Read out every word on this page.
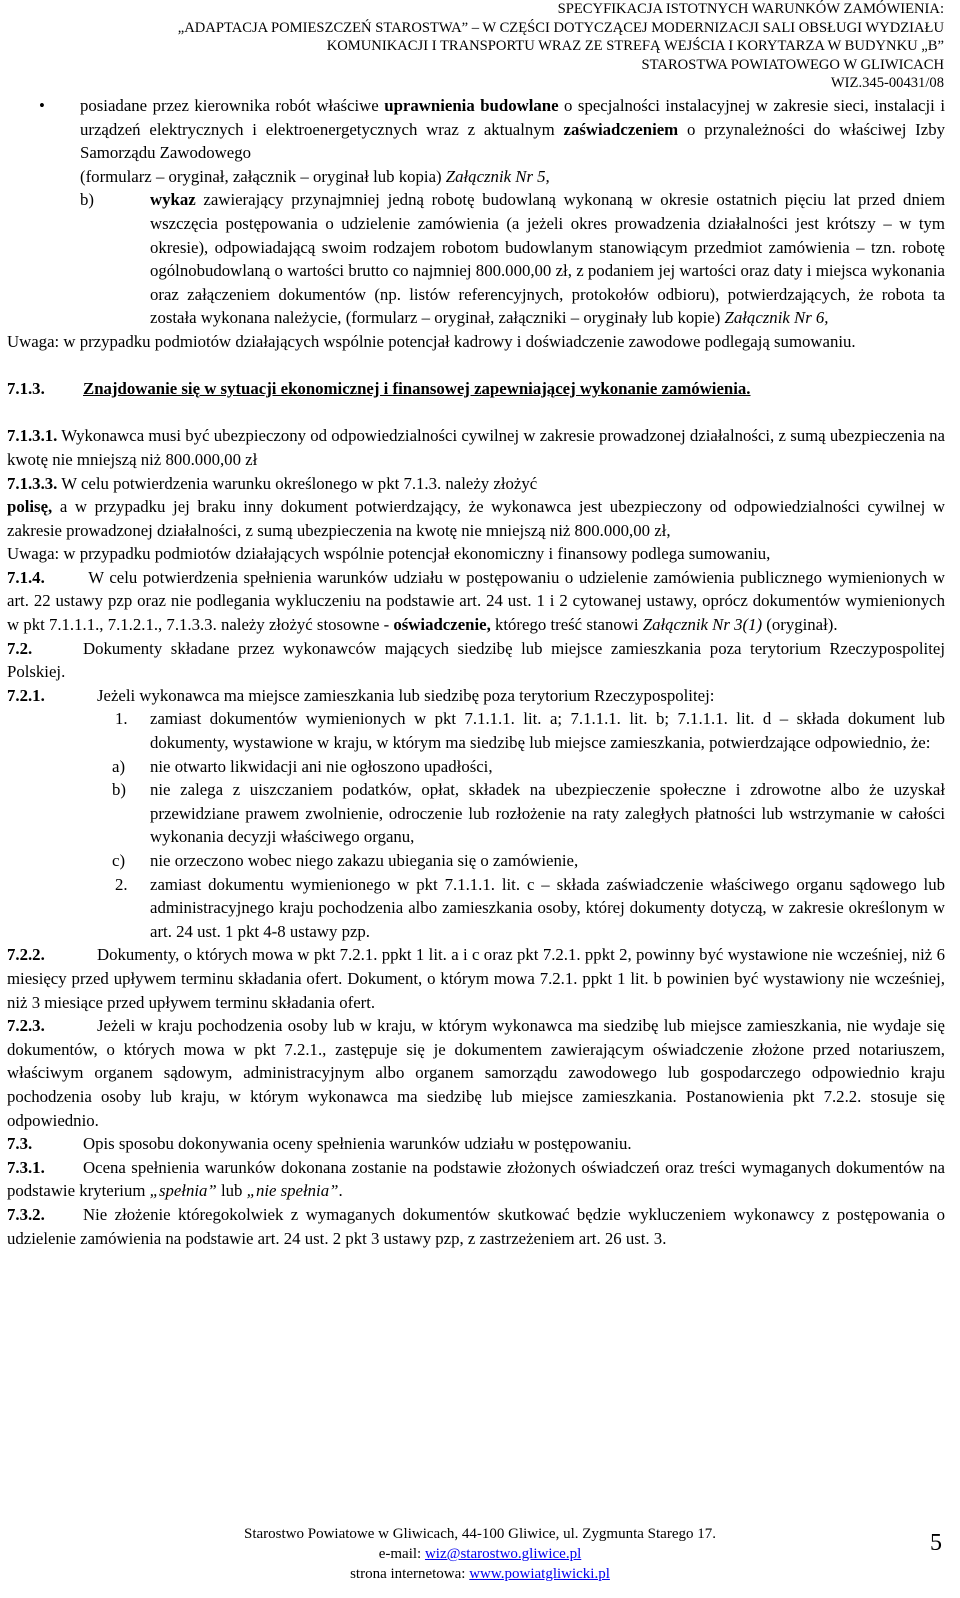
SPECYFIKACJA ISTOTNYCH WARUNKÓW ZAMÓWIENIA:
„ADAPTACJA POMIESZCZEŃ STAROSTWA” – W CZĘŚCI DOTYCZĄCEJ MODERNIZACJI SALI OBSŁUGI WYDZIAŁU
KOMUNIKACJI I TRANSPORTU WRAZ ZE STREFĄ WEJŚCIA I KORYTARZA W BUDYNKU „B”
STAROSTWA POWIATOWEGO W GLIWICACH
WIZ.345-00431/08

• posiadane przez kierownika robót właściwe uprawnienia budowlane o specjalności instalacyjnej w zakresie sieci, instalacji i urządzeń elektrycznych i elektroenergetycznych wraz z aktualnym zaświadczeniem o przynależności do właściwej Izby Samorządu Zawodowego

(formularz – oryginał, załącznik – oryginał lub kopia) Załącznik Nr 5,

b)	wykaz zawierający przynajmniej jedną robotę budowlaną wykonaną w okresie ostatnich pięciu lat przed dniem wszczęcia postępowania o udzielenie zamówienia (a jeżeli okres prowadzenia działalności jest krótszy – w tym okresie), odpowiadającą swoim rodzajem robotom budowlanym stanowiącym przedmiot zamówienia – tzn. robotę ogólnobudowlaną o wartości brutto co najmniej 800.000,00 zł, z podaniem jej wartości oraz daty i miejsca wykonania oraz załączeniem dokumentów (np. listów referencyjnych, protokołów odbioru), potwierdzających, że robota ta została wykonana należycie, (formularz – oryginał, załączniki – oryginały lub kopie) Załącznik Nr 6,

Uwaga: w przypadku podmiotów działających wspólnie potencjał kadrowy i doświadczenie zawodowe podlegają sumowaniu.

7.1.3. Znajdowanie się w sytuacji ekonomicznej i finansowej zapewniającej wykonanie zamówienia.

7.1.3.1. Wykonawca musi być ubezpieczony od odpowiedzialności cywilnej w zakresie prowadzonej działalności, z sumą ubezpieczenia na kwotę nie mniejszą niż 800.000,00 zł

7.1.3.3. W celu potwierdzenia warunku określonego w pkt 7.1.3. należy złożyć

polisę, a w przypadku jej braku inny dokument potwierdzający, że wykonawca jest ubezpieczony od odpowiedzialności cywilnej w zakresie prowadzonej działalności, z sumą ubezpieczenia na kwotę nie mniejszą niż 800.000,00 zł,

Uwaga: w przypadku podmiotów działających wspólnie potencjał ekonomiczny i finansowy podlega sumowaniu,

7.1.4. W celu potwierdzenia spełnienia warunków udziału w postępowaniu o udzielenie zamówienia publicznego wymienionych w art. 22 ustawy pzp oraz nie podlegania wykluczeniu na podstawie art. 24 ust. 1 i 2 cytowanej ustawy, oprócz dokumentów wymienionych w pkt 7.1.1.1., 7.1.2.1., 7.1.3.3. należy złożyć stosowne - oświadczenie, którego treść stanowi Załącznik Nr 3(1) (oryginał).

7.2.	Dokumenty składane przez wykonawców mających siedzibę lub miejsce zamieszkania poza terytorium Rzeczypospolitej Polskiej.

7.2.1.	Jeżeli wykonawca ma miejsce zamieszkania lub siedzibę poza terytorium Rzeczypospolitej:

1. zamiast dokumentów wymienionych w pkt 7.1.1.1. lit. a; 7.1.1.1. lit. b; 7.1.1.1. lit. d – składa dokument lub dokumenty, wystawione w kraju, w którym ma siedzibę lub miejsce zamieszkania, potwierdzające odpowiednio, że:

a) nie otwarto likwidacji ani nie ogłoszono upadłości,

b) nie zalega z uiszczaniem podatków, opłat, składek na ubezpieczenie społeczne i zdrowotne albo że uzyskał przewidziane prawem zwolnienie, odroczenie lub rozłożenie na raty zaległych płatności lub wstrzymanie w całości wykonania decyzji właściwego organu,

c) nie orzeczono wobec niego zakazu ubiegania się o zamówienie,

2. zamiast dokumentu wymienionego w pkt 7.1.1.1. lit. c – składa zaświadczenie właściwego organu sądowego lub administracyjnego kraju pochodzenia albo zamieszkania osoby, której dokumenty dotyczą, w zakresie określonym w art. 24 ust. 1 pkt 4-8 ustawy pzp.

7.2.2.	Dokumenty, o których mowa w pkt 7.2.1. ppkt 1 lit. a i c oraz pkt 7.2.1. ppkt 2, powinny być wystawione nie wcześniej, niż 6 miesięcy przed upływem terminu składania ofert. Dokument, o którym mowa 7.2.1. ppkt 1 lit. b powinien być wystawiony nie wcześniej, niż 3 miesiące przed upływem terminu składania ofert.

7.2.3.	Jeżeli w kraju pochodzenia osoby lub w kraju, w którym wykonawca ma siedzibę lub miejsce zamieszkania, nie wydaje się dokumentów, o których mowa w pkt 7.2.1., zastępuje się je dokumentem zawierającym oświadczenie złożone przed notariuszem, właściwym organem sądowym, administracyjnym albo organem samorządu zawodowego lub gospodarczego odpowiednio kraju pochodzenia osoby lub kraju, w którym wykonawca ma siedzibę lub miejsce zamieszkania. Postanowienia pkt 7.2.2. stosuje się odpowiednio.

7.3.	Opis sposobu dokonywania oceny spełnienia warunków udziału w postępowaniu.

7.3.1. Ocena spełnienia warunków dokonana zostanie na podstawie złożonych oświadczeń oraz treści wymaganych dokumentów na podstawie kryterium „spełnia” lub „nie spełnia”.

7.3.2. Nie złożenie któregokolwiek z wymaganych dokumentów skutkować będzie wykluczeniem wykonawcy z postępowania o udzielenie zamówienia na podstawie art. 24 ust. 2 pkt 3 ustawy pzp, z zastrzeżeniem art. 26 ust. 3.

Starostwo Powiatowe w Gliwicach, 44-100 Gliwice, ul. Zygmunta Starego 17.
e-mail: wiz@starostwo.gliwice.pl
strona internetowa: www.powiatgliwicki.pl
5
